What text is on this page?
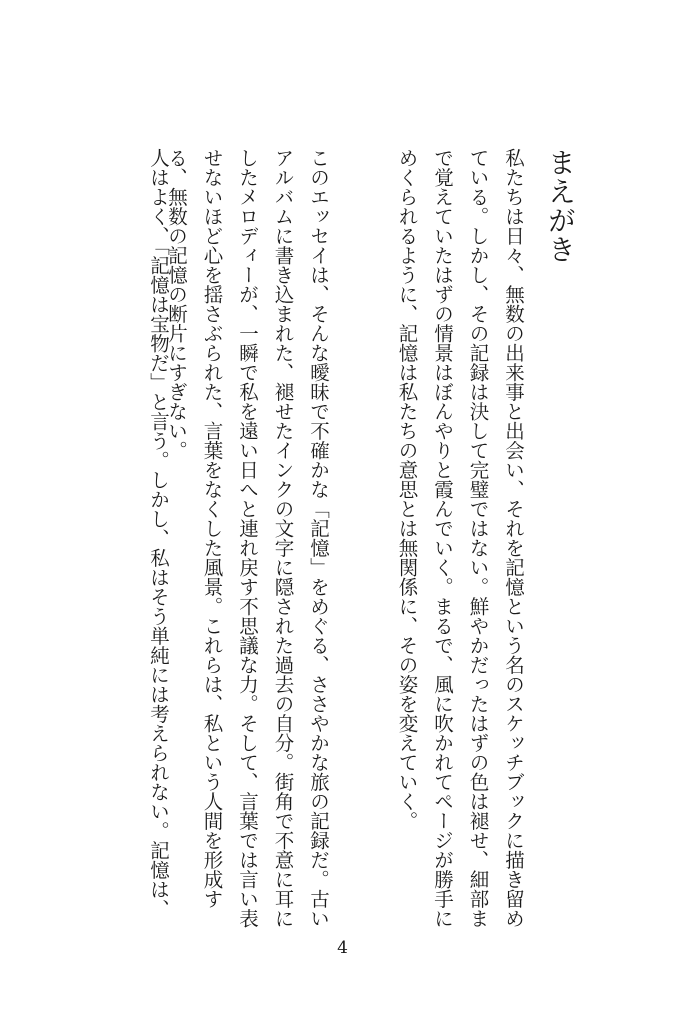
まえがき

私たちは日々、無数の出来事と出会い、それを記憶という名のスケッチブックに描き留め
ている。しかし、その記録は決して完璧ではない。鮮やかだったはずの色は褪せ、細部ま
で覚えていたはずの情景はぼんやりと霞んでいく。まるで、風に吹かれてページが勝手に
めくられるように、記憶は私たちの意思とは無関係に、その姿を変えていく。

このエッセイは、そんな曖昧で不確かな「記憶」をめぐる、ささやかな旅の記録だ。古い
アルバムに書き込まれた、褪せたインクの文字に隠された過去の自分。街角で不意に耳に
したメロディーが、一瞬で私を遠い日へと連れ戻す不思議な力。そして、言葉では言い表
せないほど心を揺さぶられた、言葉をなくした風景。これらは、私という人間を形成す
る、無数の記憶の断片にすぎない。

人はよく、「記憶は宝物だ」と言う。しかし、私はそう単純には考えられない。記憶は、

4
